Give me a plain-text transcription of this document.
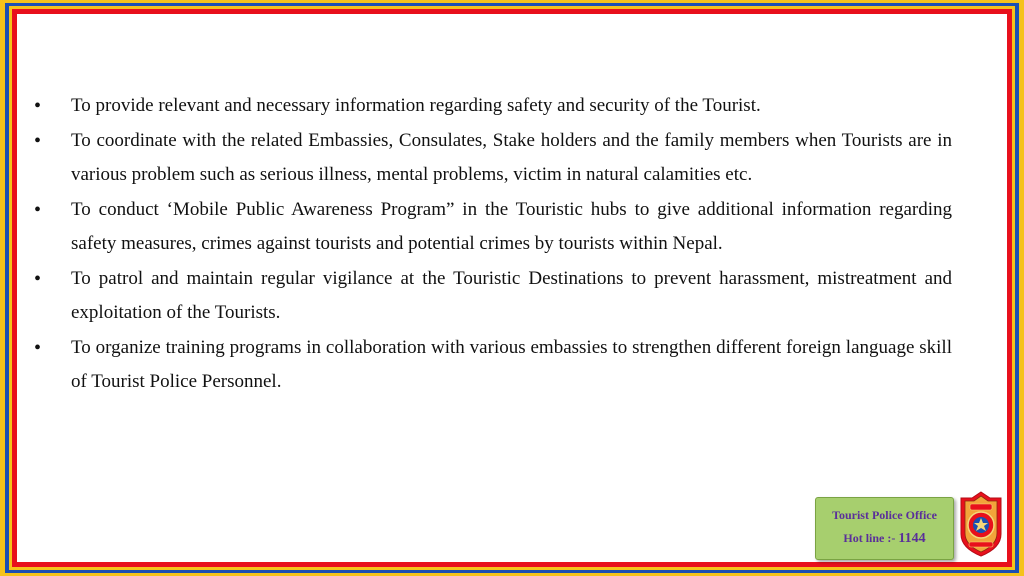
• To provide relevant and necessary information regarding safety and security of the Tourist.
• To coordinate with the related Embassies, Consulates, Stake holders and the family members when Tourists are in various problem such as serious illness, mental problems, victim in natural calamities etc.
• To conduct ‘Mobile Public Awareness Program” in the Touristic hubs to give additional information regarding safety measures, crimes against tourists and potential crimes by tourists within Nepal.
• To patrol and maintain regular vigilance at the Touristic Destinations to prevent harassment, mistreatment and exploitation of the Tourists.
• To organize training programs in collaboration with various embassies to strengthen different foreign language skill of Tourist Police Personnel.
Tourist Police Office
Hot line :- 1144
